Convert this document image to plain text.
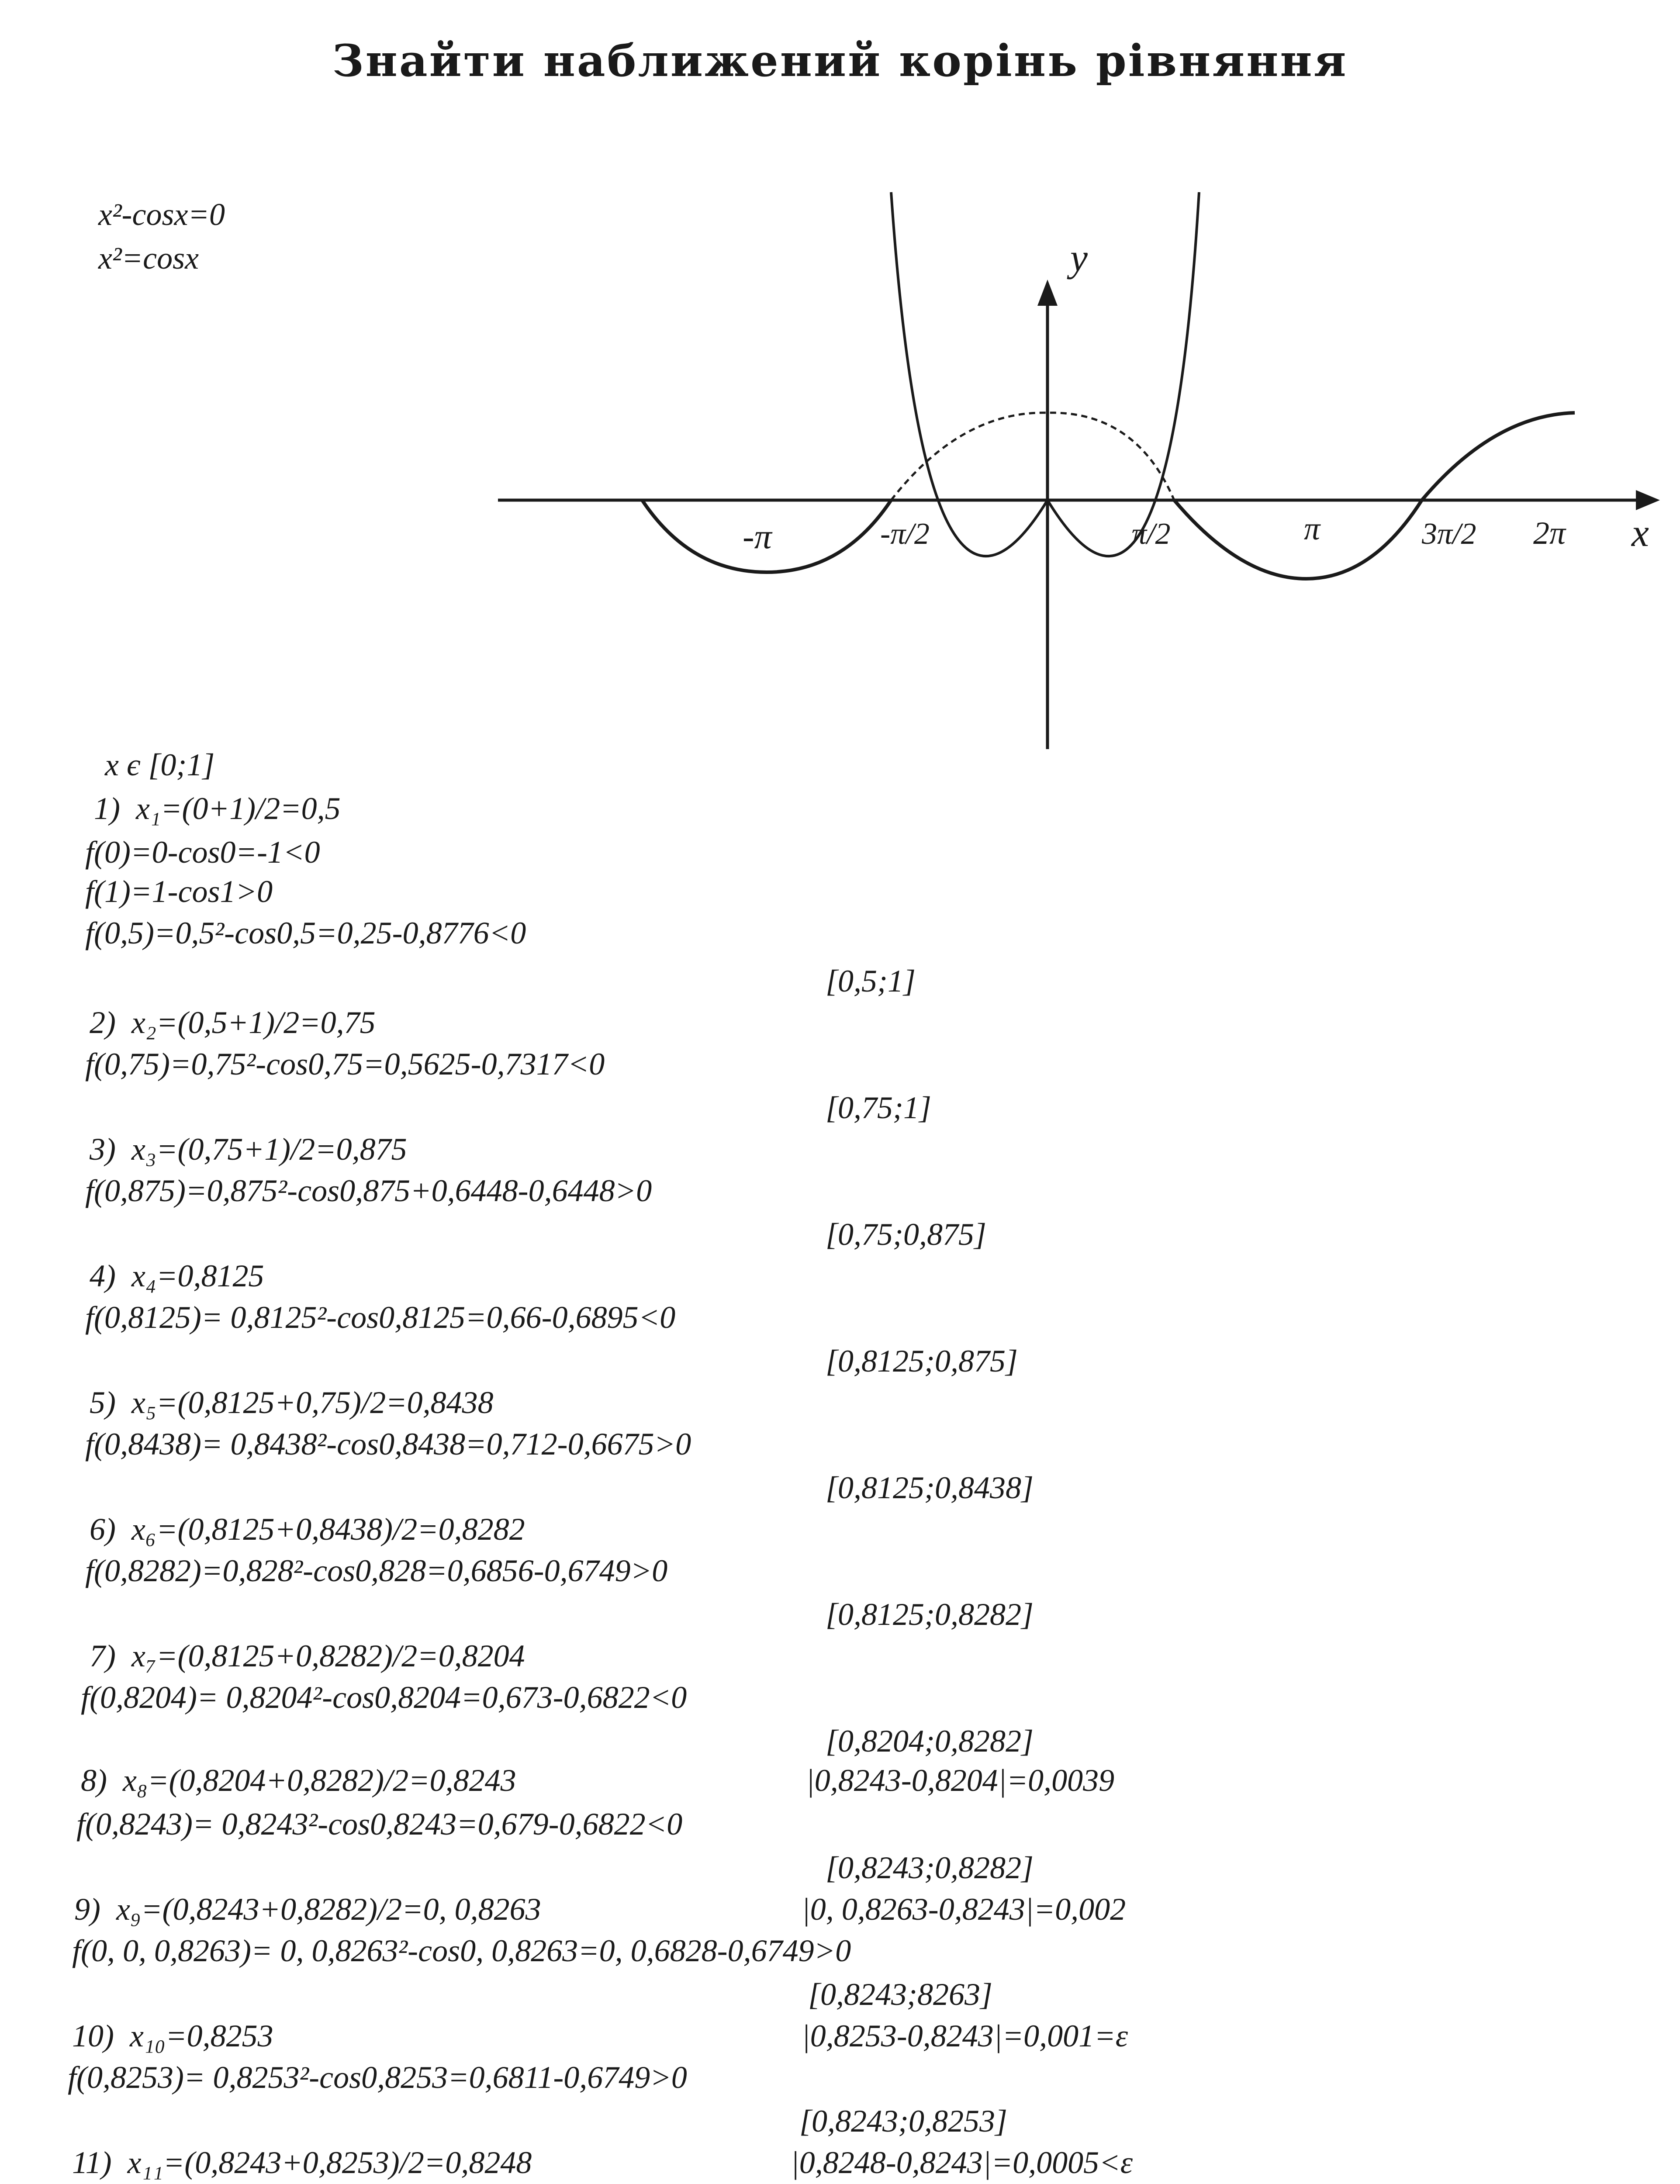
Знайти наближений корінь рівняння
x²-cosx=0
x²=cosx	y
x
-π	-π/2	π/2	π	3π/2 2π
x є [0;1]
1)  x₁=(0+1)/2=0,5
f(0)=0-cos0=-1<0
f(1)=1-cos1>0
f(0,5)=0,5²-cos0,5=0,25-0,8776<0
[0,5;1]
2)  x₂=(0,5+1)/2=0,75
f(0,75)=0,75²-cos0,75=0,5625-0,7317<0
[0,75;1]
3)  x₃=(0,75+1)/2=0,875
f(0,875)=0,875²-cos0,875+0,6448-0,6448>0
[0,75;0,875]
4)  x₄=0,8125
f(0,8125)= 0,8125²-cos0,8125=0,66-0,6895<0
[0,8125;0,875]
5)  x₅=(0,8125+0,75)/2=0,8438
f(0,8438)= 0,8438²-cos0,8438=0,712-0,6675>0
[0,8125;0,8438]
6)  x₆=(0,8125+0,8438)/2=0,8282
f(0,8282)=0,828²-cos0,828=0,6856-0,6749>0
[0,8125;0,8282]
7)  x₇=(0,8125+0,8282)/2=0,8204
f(0,8204)= 0,8204²-cos0,8204=0,673-0,6822<0
[0,8204;0,8282]
8)  x₈=(0,8204+0,8282)/2=0,8243	|0,8243-0,8204|=0,0039
f(0,8243)= 0,8243²-cos0,8243=0,679-0,6822<0
[0,8243;0,8282]
9)  x₉=(0,8243+0,8282)/2=0, 0,8263	|0, 0,8263-0,8243|=0,002
f(0, 0, 0,8263)= 0, 0,8263²-cos0, 0,8263=0, 0,6828-0,6749>0
[0,8243;8263]
10)  x₁₀=0,8253	|0,8253-0,8243|=0,001=ε
f(0,8253)= 0,8253²-cos0,8253=0,6811-0,6749>0
[0,8243;0,8253]
11)  x₁₁=(0,8243+0,8253)/2=0,8248	|0,8248-0,8243|=0,0005<ε
